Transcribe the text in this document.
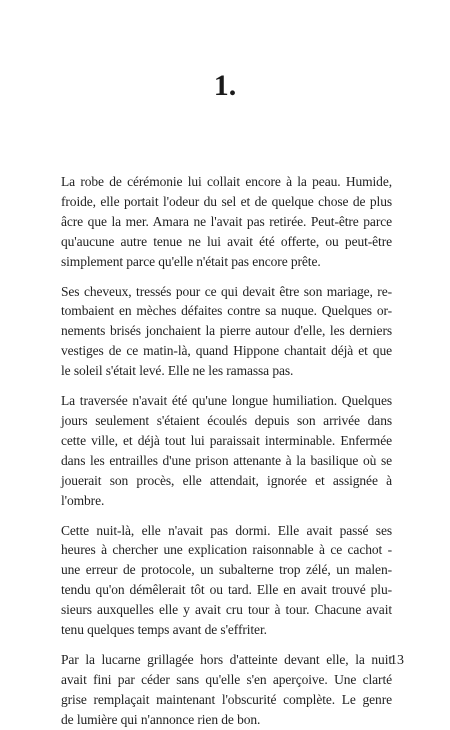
1.

La robe de cérémonie lui collait encore à la peau. Humide,
froide, elle portait l'odeur du sel et de quelque chose de plus
âcre que la mer. Amara ne l'avait pas retirée. Peut-être parce
qu'aucune autre tenue ne lui avait été offerte, ou peut-être
simplement parce qu'elle n'était pas encore prête.

Ses cheveux, tressés pour ce qui devait être son mariage, re-
tombaient en mèches défaites contre sa nuque. Quelques or-
nements brisés jonchaient la pierre autour d'elle, les derniers
vestiges de ce matin-là, quand Hippone chantait déjà et que
le soleil s'était levé. Elle ne les ramassa pas.

La traversée n'avait été qu'une longue humiliation. Quelques
jours seulement s'étaient écoulés depuis son arrivée dans
cette ville, et déjà tout lui paraissait interminable. Enfermée
dans les entrailles d'une prison attenante à la basilique où se
jouerait son procès, elle attendait, ignorée et assignée à
l'ombre.

Cette nuit-là, elle n'avait pas dormi. Elle avait passé ses
heures à chercher une explication raisonnable à ce cachot -
une erreur de protocole, un subalterne trop zélé, un malen-
tendu qu'on démêlerait tôt ou tard. Elle en avait trouvé plu-
sieurs auxquelles elle y avait cru tour à tour. Chacune avait
tenu quelques temps avant de s'effriter.

Par la lucarne grillagée hors d'atteinte devant elle, la nuit
avait fini par céder sans qu'elle s'en aperçoive. Une clarté
grise remplaçait maintenant l'obscurité complète. Le genre
de lumière qui n'annonce rien de bon.

13
